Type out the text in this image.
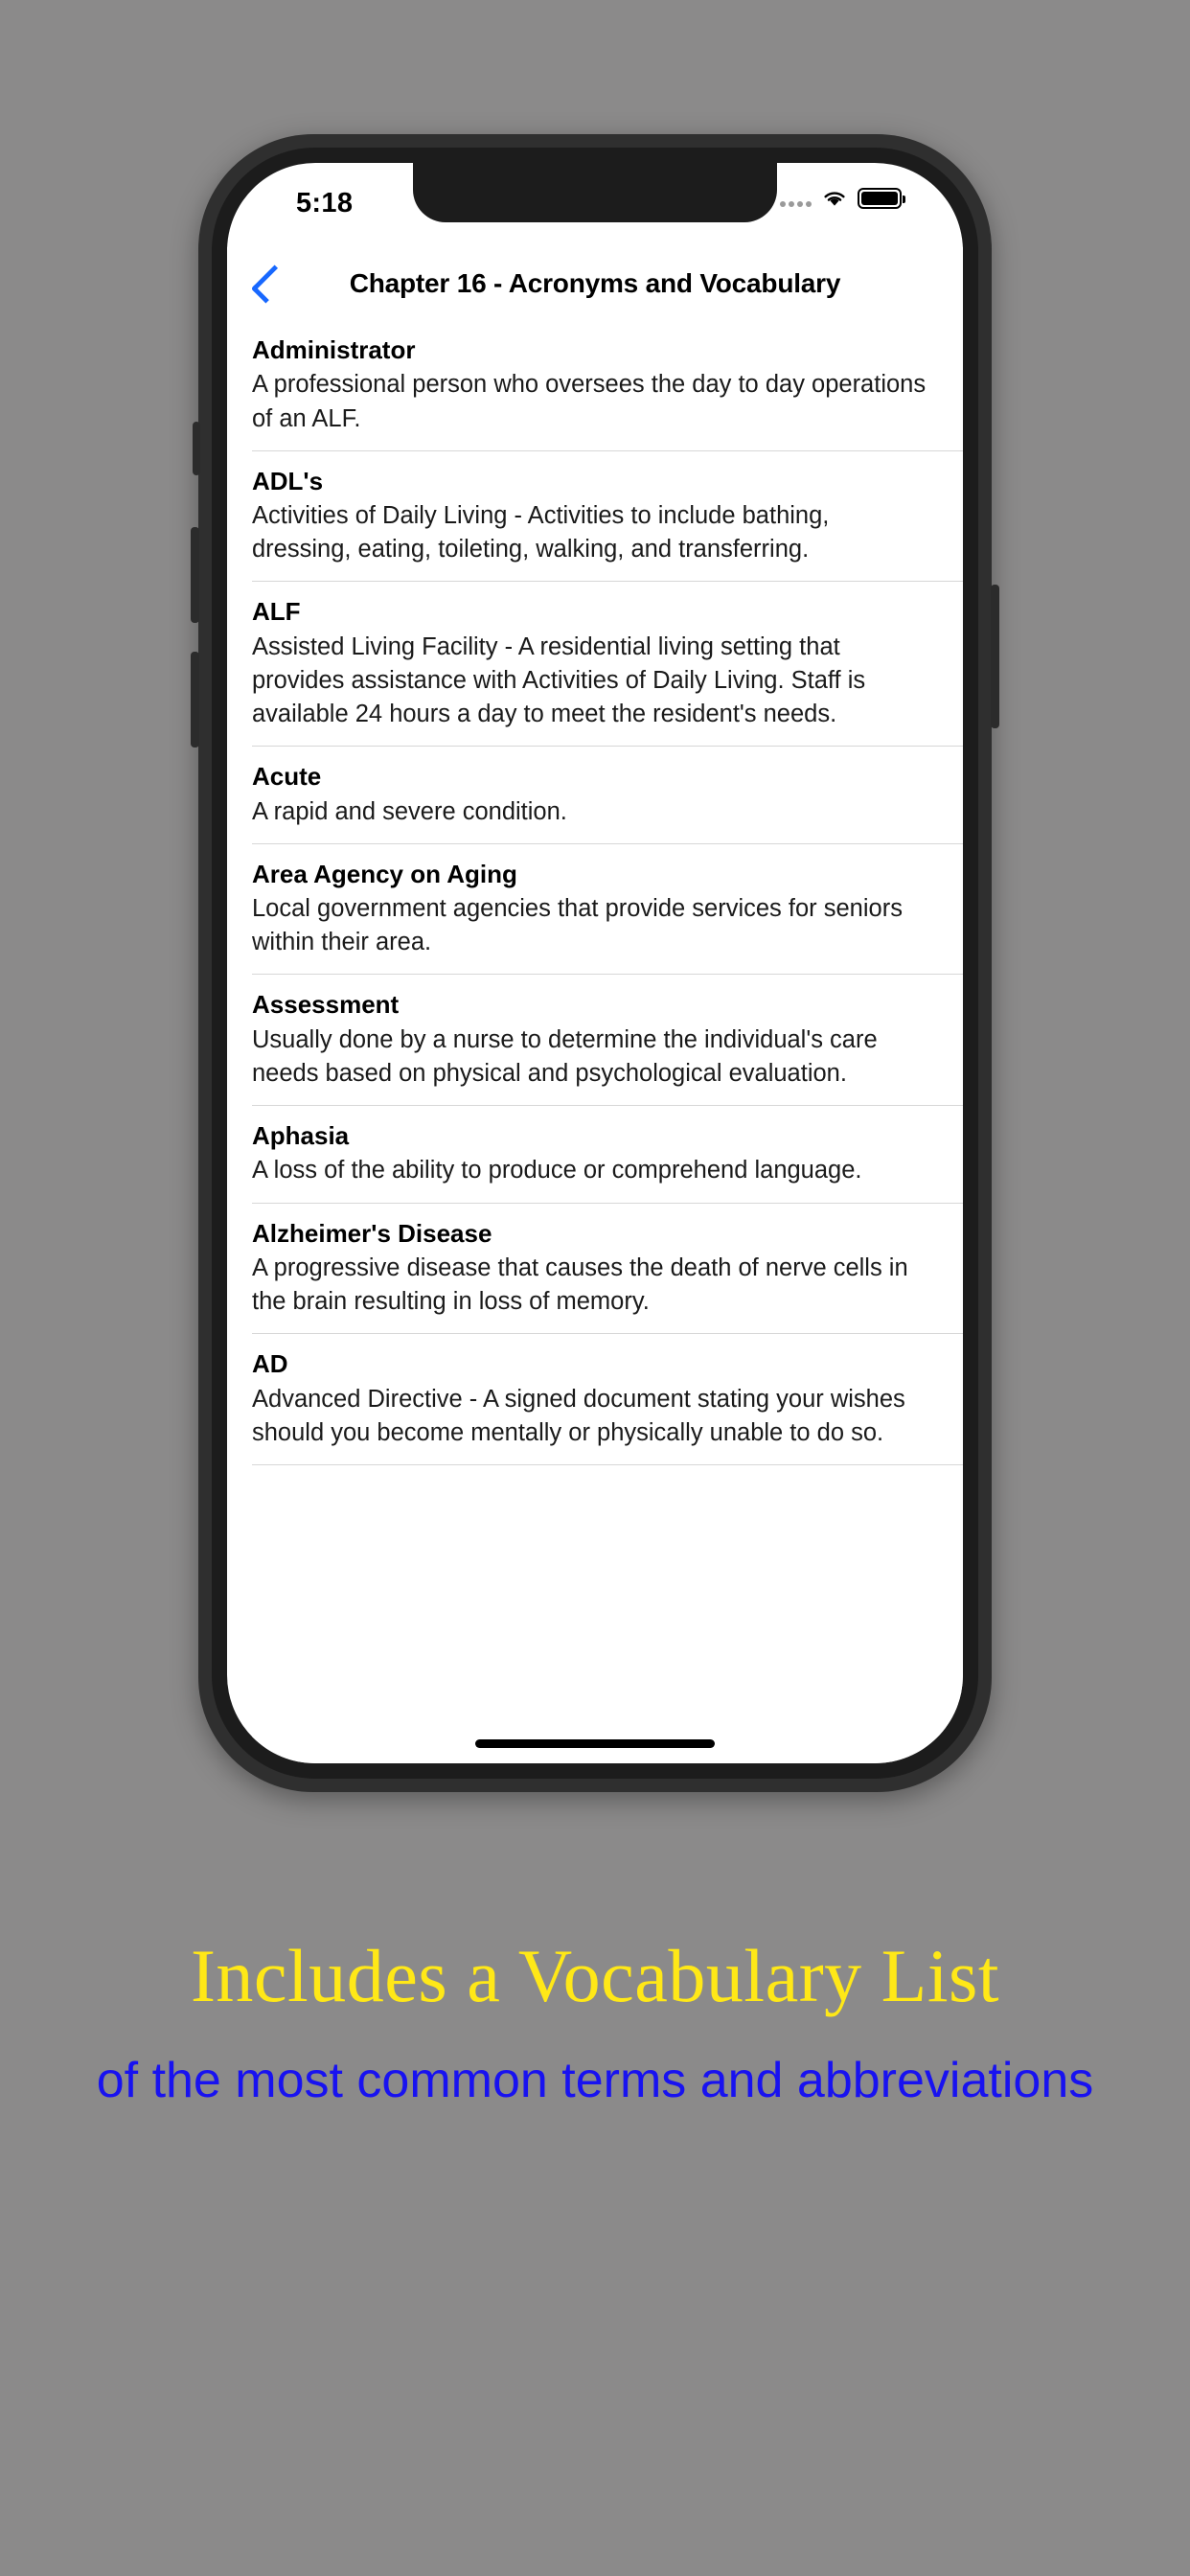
5:18
Chapter 16 - Acronyms and Vocabulary
Administrator
A professional person who oversees the day to day operations of an ALF.
ADL's
Activities of Daily Living - Activities to include bathing, dressing, eating, toileting, walking, and transferring.
ALF
Assisted Living Facility - A residential living setting that provides assistance with Activities of Daily Living. Staff is available 24 hours a day to meet the resident's needs.
Acute
A rapid and severe condition.
Area Agency on Aging
Local government agencies that provide services for seniors within their area.
Assessment
Usually done by a nurse to determine the individual's care needs based on physical and psychological evaluation.
Aphasia
A loss of the ability to produce or comprehend language.
Alzheimer's Disease
A progressive disease that causes the death of nerve cells in the brain resulting in loss of memory.
AD
Advanced Directive - A signed document stating your wishes should you become mentally or physically unable to do so.
Includes a Vocabulary List
of the most common terms and abbreviations
